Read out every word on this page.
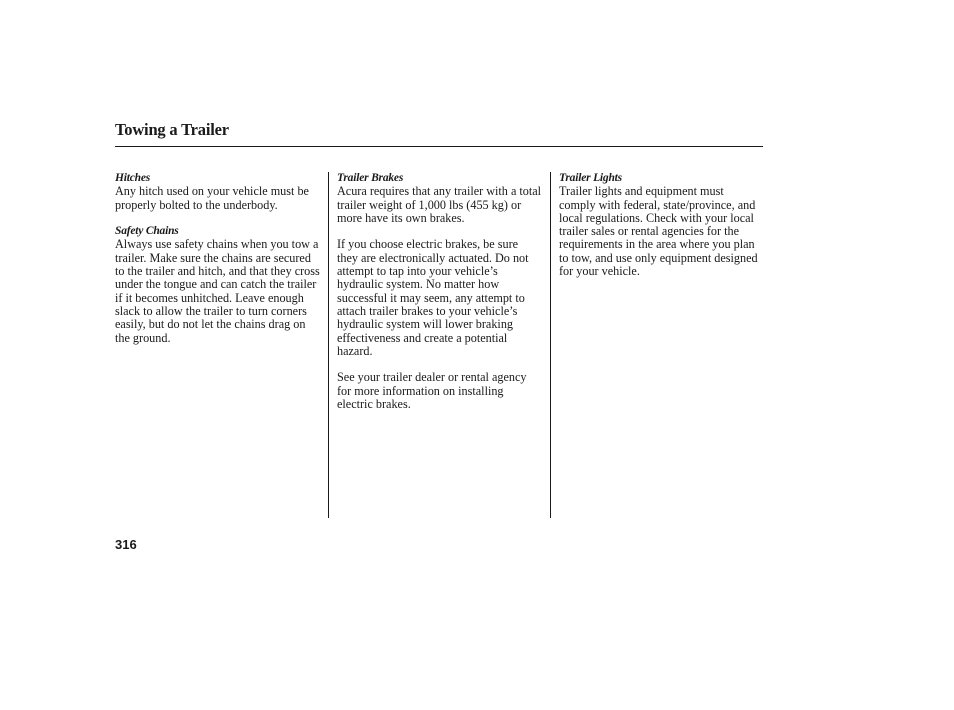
Towing a Trailer
Hitches

Any hitch used on your vehicle must be properly bolted to the underbody.

Safety Chains

Always use safety chains when you tow a trailer. Make sure the chains are secured to the trailer and hitch, and that they cross under the tongue and can catch the trailer if it becomes unhitched. Leave enough slack to allow the trailer to turn corners easily, but do not let the chains drag on the ground.

Trailer Brakes

Acura requires that any trailer with a total trailer weight of 1,000 lbs (455 kg) or more have its own brakes.

If you choose electric brakes, be sure they are electronically actuated. Do not attempt to tap into your vehicle’s hydraulic system. No matter how successful it may seem, any attempt to attach trailer brakes to your vehicle’s hydraulic system will lower braking effectiveness and create a potential hazard.

See your trailer dealer or rental agency for more information on installing electric brakes.

Trailer Lights

Trailer lights and equipment must comply with federal, state/province, and local regulations. Check with your local trailer sales or rental agencies for the requirements in the area where you plan to tow, and use only equipment designed for your vehicle.

316
